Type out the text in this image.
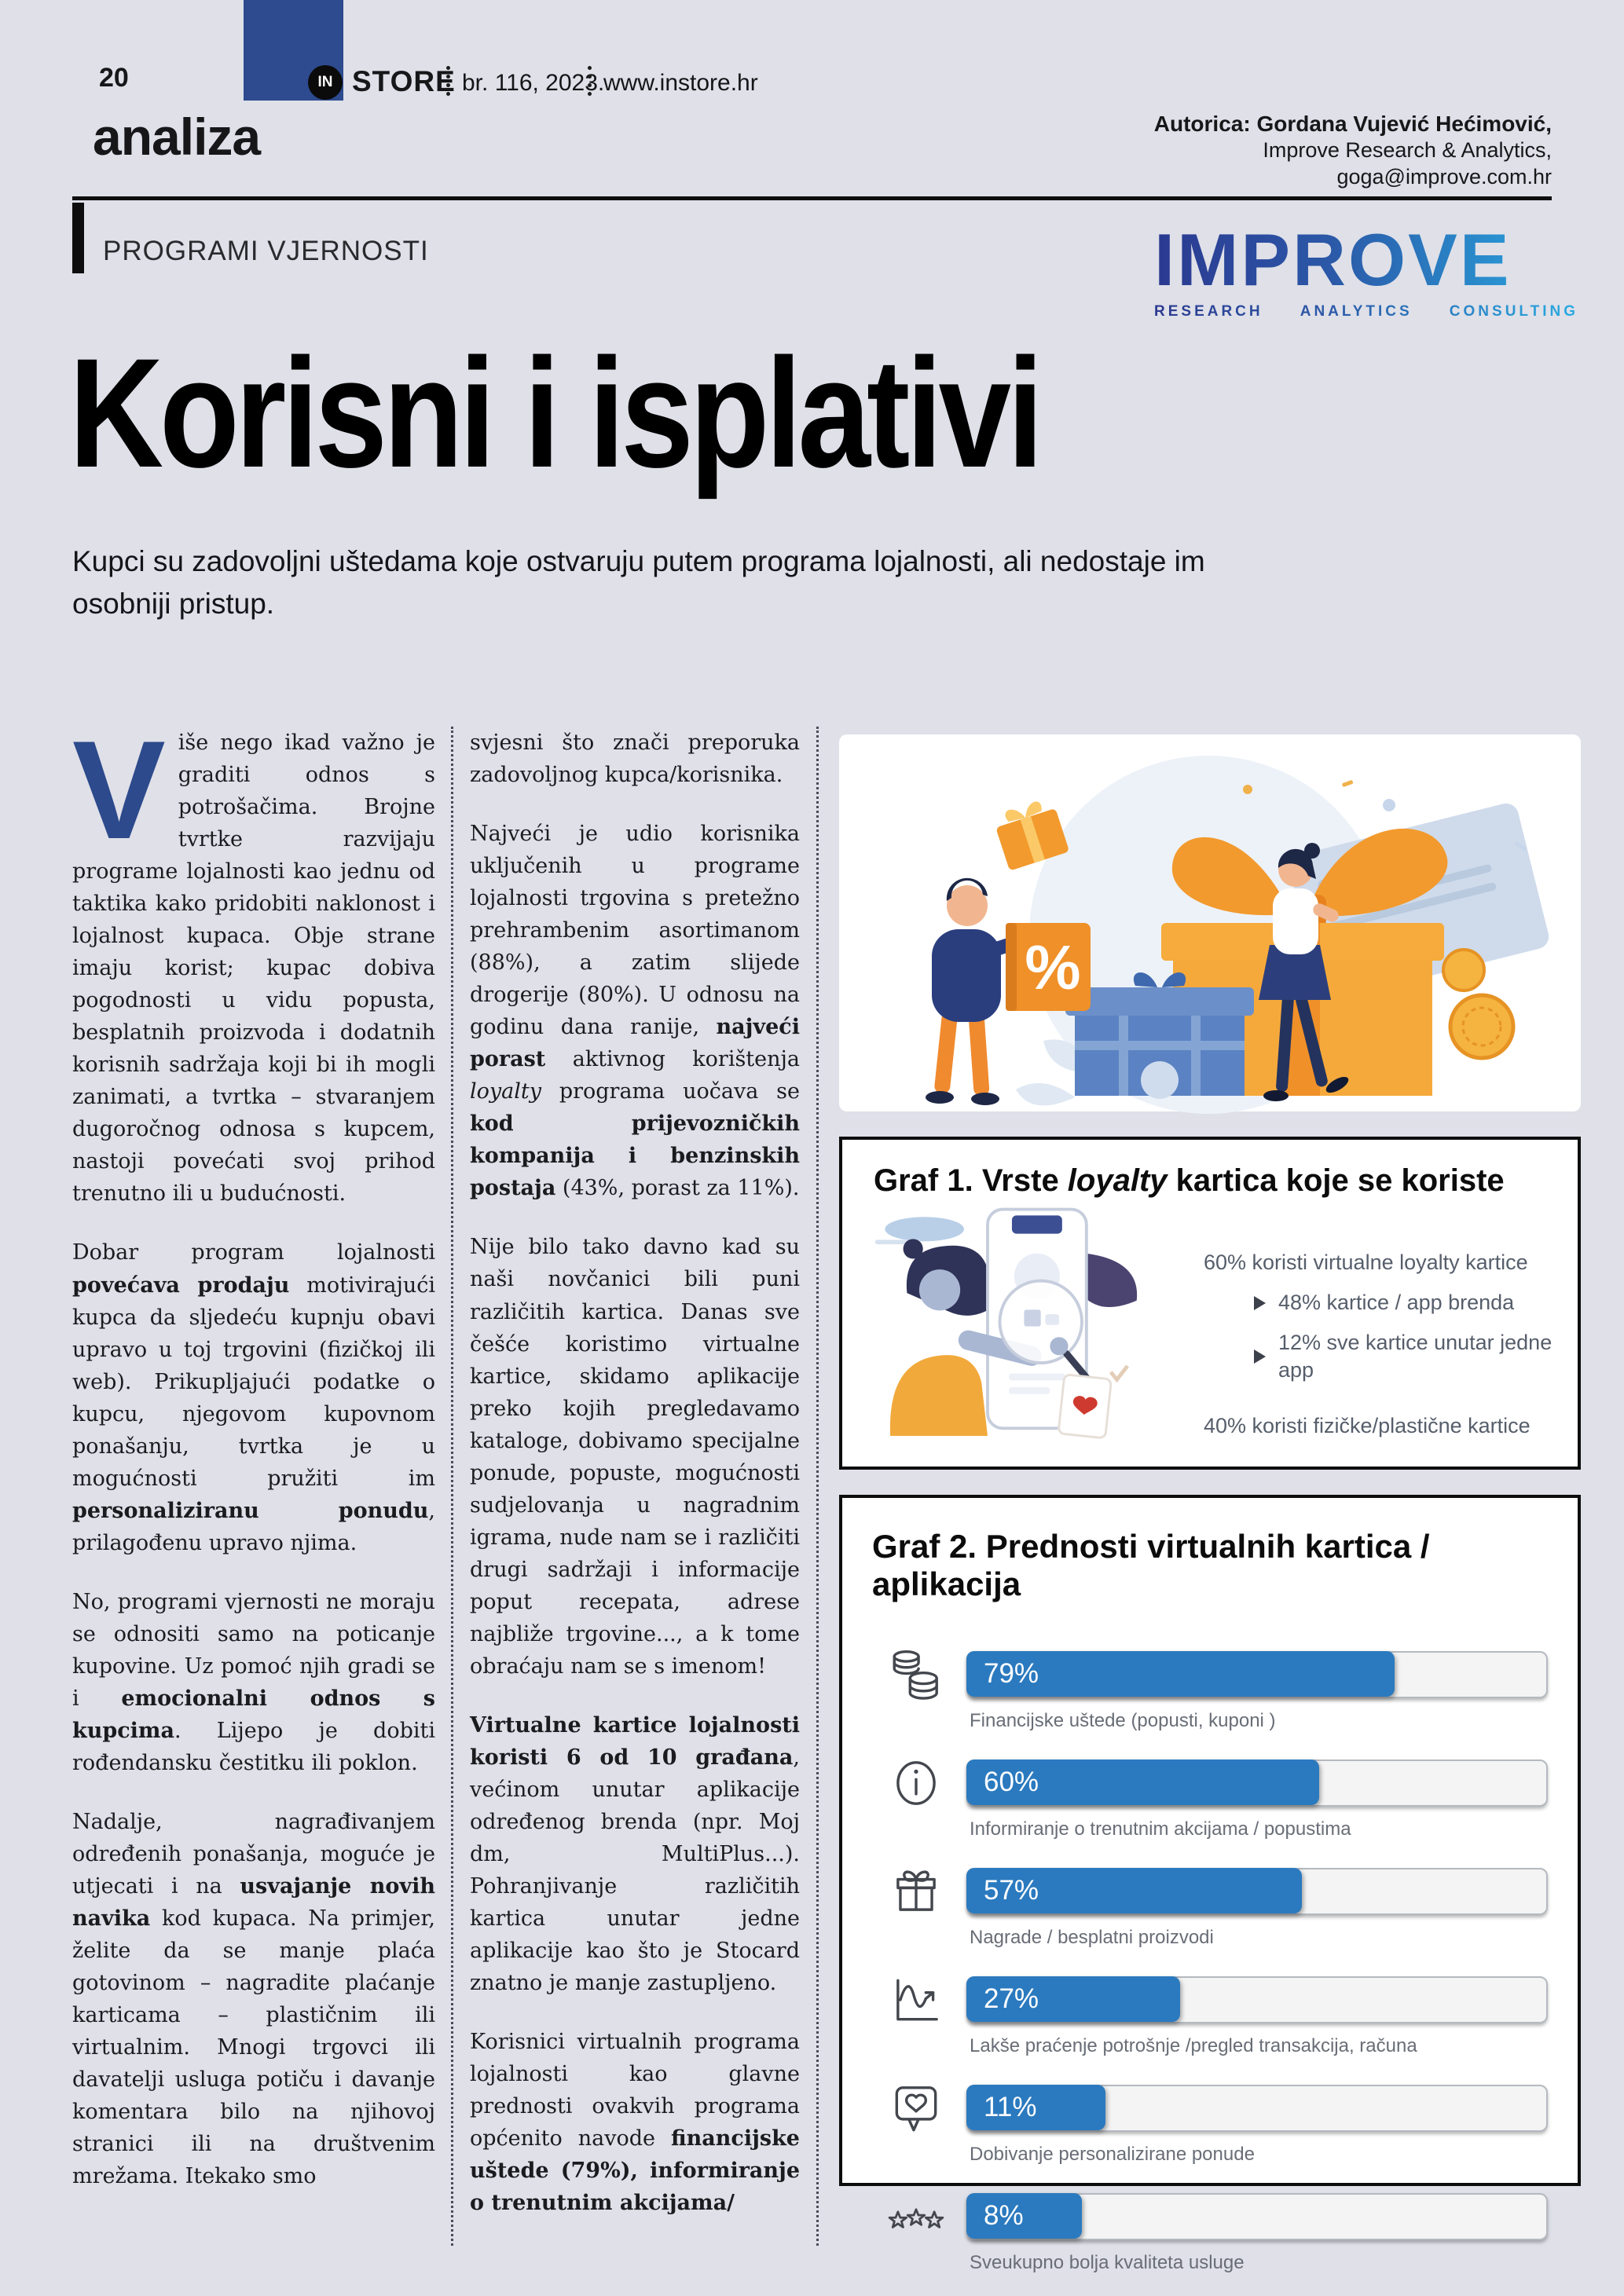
20	IN STORE br. 116, 2023.
www.instore.hr
analiza	Autorica: Gordana Vujević Hećimović,
Improve Research & Analytics,
goga@improve.com.hr
PROGRAMI VJERNOSTI	IMPROVE
RESEARCH ANALYTICS CONSULTING
Korisni i isplativi

Kupci su zadovoljni uštedama koje ostvaruju putem programa lojalnosti, ali nedostaje im osobniji pristup.

Više nego ikad važno je graditi odnos s potrošačima. Brojne tvrtke razvijaju programe lojalnosti kao jednu od taktika kako pridobiti naklonost i lojalnost kupaca. Obje strane imaju korist; kupac dobiva pogodnosti u vidu popusta, besplatnih proizvoda i dodatnih korisnih sadržaja koji bi ih mogli zanimati, a tvrtka – stvaranjem dugoročnog odnosa s kupcem, nastoji povećati svoj prihod trenutno ili u budućnosti.

Dobar program lojalnosti povećava prodaju motivirajući kupca da sljedeću kupnju obavi upravo u toj trgovini (fizičkoj ili web). Prikupljajući podatke o kupcu, njegovom kupovnom ponašanju, tvrtka je u mogućnosti pružiti im personaliziranu ponudu, prilagođenu upravo njima.

No, programi vjernosti ne moraju se odnositi samo na poticanje kupovine. Uz pomoć njih gradi se i emocionalni odnos s kupcima. Lijepo je dobiti rođendansku čestitku ili poklon.

Nadalje, nagrađivanjem određenih ponašanja, moguće je utjecati i na usvajanje novih navika kod kupaca. Na primjer, želite da se manje plaća gotovinom – nagradite plaćanje karticama – plastičnim ili virtualnim. Mnogi trgovci ili davatelji usluga potiču i davanje komentara bilo na njihovoj stranici ili na društvenim mrežama. Itekako smo

svjesni što znači preporuka zadovoljnog kupca/korisnika.

Najveći je udio korisnika uključenih u programe lojalnosti trgovina s pretežno prehrambenim asortimanom (88%), a zatim slijede drogerije (80%). U odnosu na godinu dana ranije, najveći porast aktivnog korištenja loyalty programa uočava se kod prijevozničkih kompanija i benzinskih postaja (43%, porast za 11%).

Nije bilo tako davno kad su naši novčanici bili puni različitih kartica. Danas sve češće koristimo virtualne kartice, skidamo aplikacije preko kojih pregledavamo kataloge, dobivamo specijalne ponude, popuste, mogućnosti sudjelovanja u nagradnim igrama, nude nam se i različiti drugi sadržaji i informacije poput recepata, adrese najbliže trgovine..., a k tome obraćaju nam se s imenom!

Virtualne kartice lojalnosti koristi 6 od 10 građana, većinom unutar aplikacije određenog brenda (npr. Moj dm, MultiPlus...). Pohranjivanje različitih kartica unutar jedne aplikacije kao što je Stocard znatno je manje zastupljeno.

Korisnici virtualnih programa lojalnosti kao glavne prednosti ovakvih programa općenito navode financijske uštede (79%), informiranje o trenutnim akcijama/

%
Graf 1. Vrste loyalty kartica koje se koriste
60% koristi virtualne loyalty kartice
48% kartice / app brenda
12% sve kartice unutar jedne app
40% koristi fizičke/plastične kartice
Graf 2. Prednosti virtualnih kartica / aplikacija
79%
Financijske uštede (popusti, kuponi )
60%
Informiranje o trenutnim akcijama / popustima
57%
Nagrade / besplatni proizvodi
27%
Lakše praćenje potrošnje /pregled transakcija, računa
11%
Dobivanje personalizirane ponude
8%
Sveukupno bolja kvaliteta usluge
